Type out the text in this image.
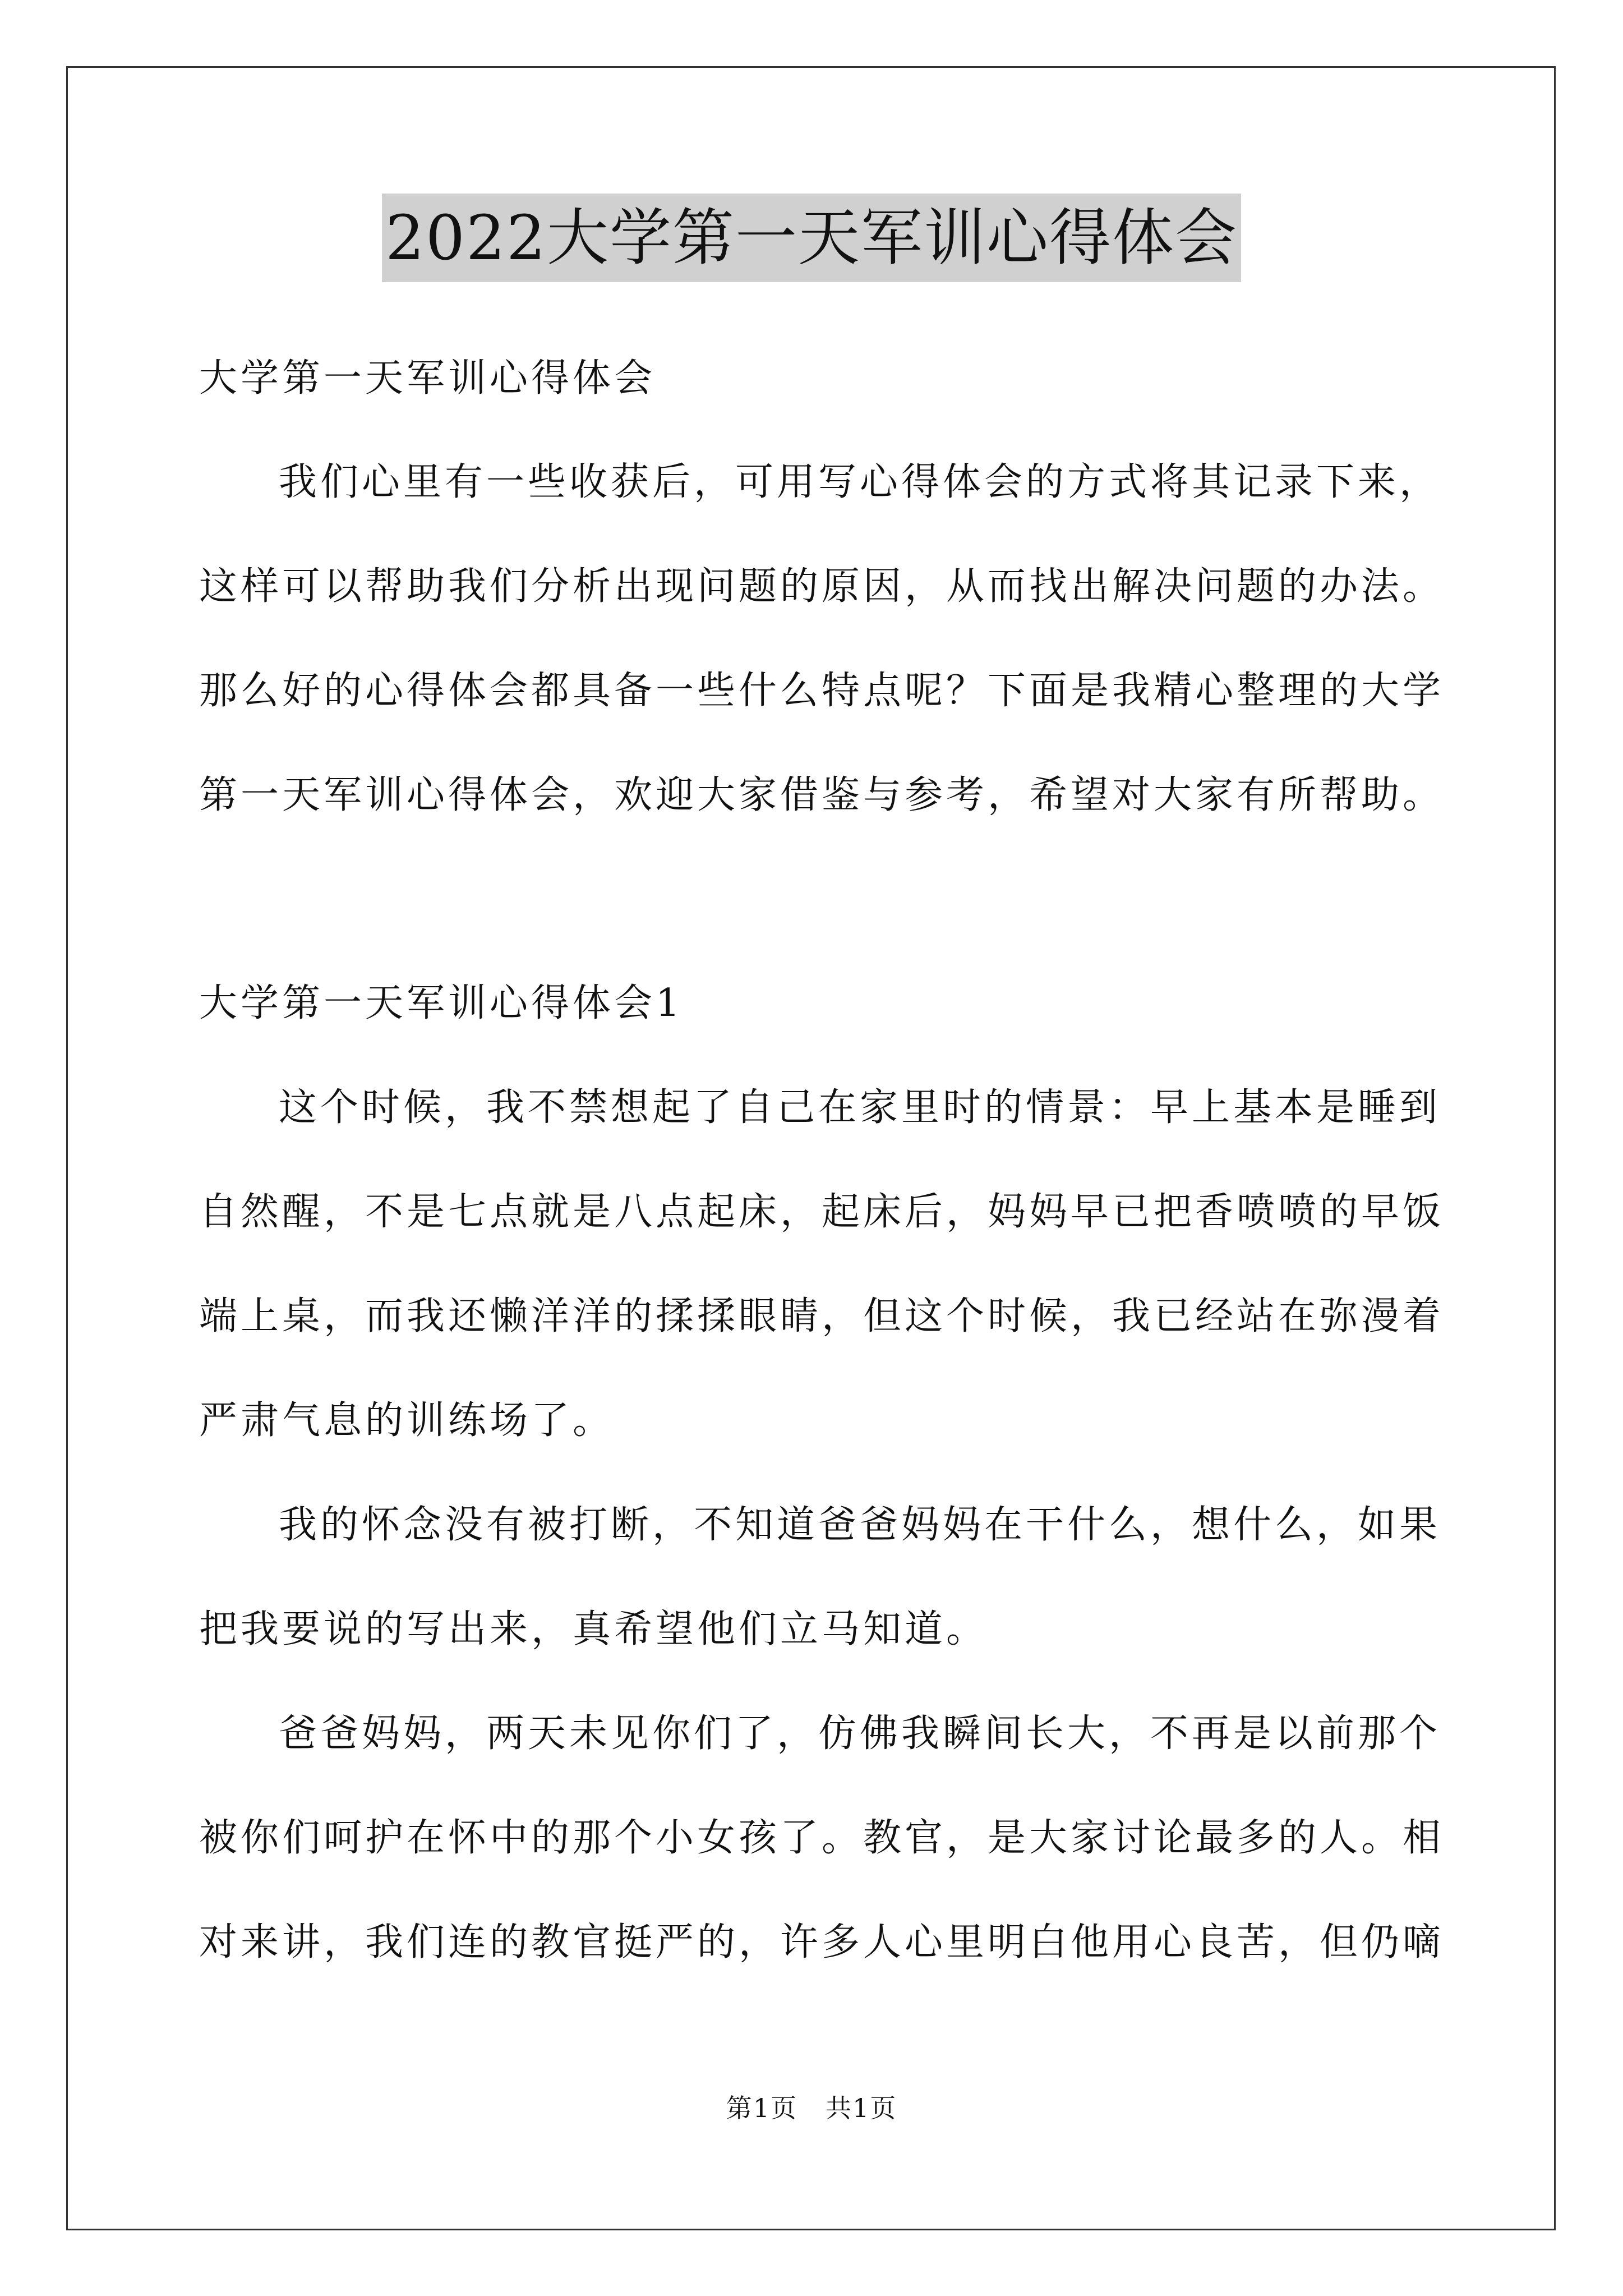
2022大学第一天军训心得体会
大学第一天军训心得体会
我们心里有一些收获后，可用写心得体会的方式将其记录下来，
这样可以帮助我们分析出现问题的原因，从而找出解决问题的办法。
那么好的心得体会都具备一些什么特点呢？下面是我精心整理的大学
第一天军训心得体会，欢迎大家借鉴与参考，希望对大家有所帮助。
大学第一天军训心得体会1
这个时候，我不禁想起了自己在家里时的情景：早上基本是睡到
自然醒，不是七点就是八点起床，起床后，妈妈早已把香喷喷的早饭
端上桌，而我还懒洋洋的揉揉眼睛，但这个时候，我已经站在弥漫着
严肃气息的训练场了。
我的怀念没有被打断，不知道爸爸妈妈在干什么，想什么，如果
把我要说的写出来，真希望他们立马知道。
爸爸妈妈，两天未见你们了，仿佛我瞬间长大，不再是以前那个
被你们呵护在怀中的那个小女孩了。教官，是大家讨论最多的人。相
对来讲，我们连的教官挺严的，许多人心里明白他用心良苦，但仍嘀
第1页 共1页
